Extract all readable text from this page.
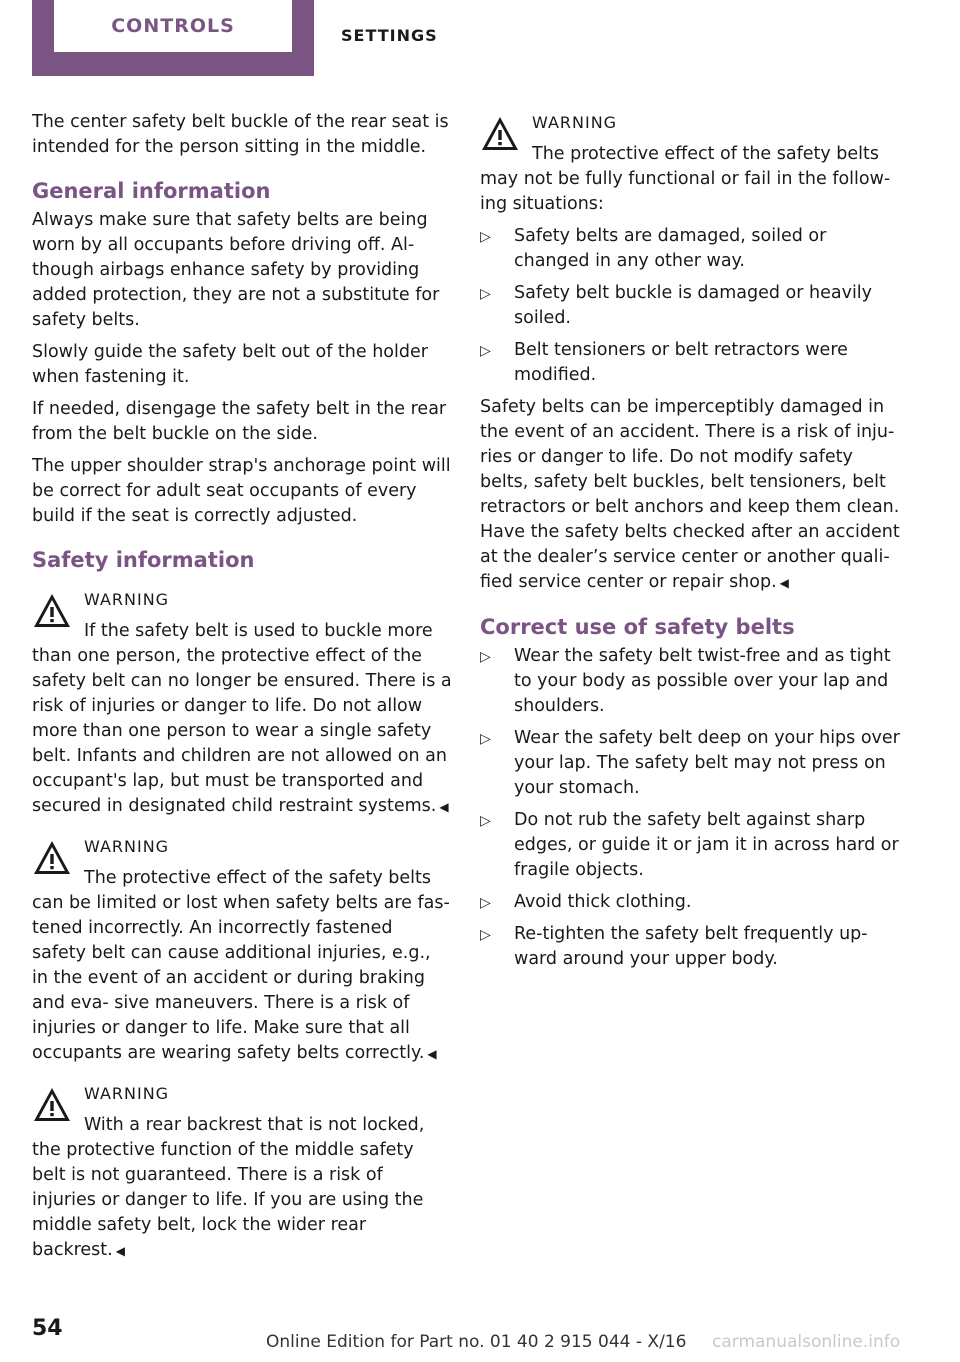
CONTROLS	SETTINGS

The center safety belt buckle of the rear seat is intended for the person sitting in the middle.

General information

Always make sure that safety belts are being worn by all occupants before driving off. Al‐ though airbags enhance safety by providing added protection, they are not a substitute for safety belts.

Slowly guide the safety belt out of the holder when fastening it.

If needed, disengage the safety belt in the rear from the belt buckle on the side.

The upper shoulder strap's anchorage point will be correct for adult seat occupants of every build if the seat is correctly adjusted.

Safety information
WARNING
If the safety belt is used to buckle more than one person, the protective effect of the safety belt can no longer be ensured. There is a risk of injuries or danger to life. Do not allow more than one person to wear a single safety belt. Infants and children are not allowed on an occupant's lap, but must be transported and secured in designated child restraint systems. ◀
WARNING
The protective effect of the safety belts can be limited or lost when safety belts are fas‐ tened incorrectly. An incorrectly fastened safety belt can cause additional injuries, e.g., in the event of an accident or during braking and eva‐ sive maneuvers. There is a risk of injuries or danger to life. Make sure that all occupants are wearing safety belts correctly. ◀
WARNING
With a rear backrest that is not locked, the protective function of the middle safety belt is not guaranteed. There is a risk of injuries or danger to life. If you are using the middle safety belt, lock the wider rear backrest. ◀
WARNING

The protective effect of the safety belts may not be fully functional or fail in the follow‐ ing situations:

▷ Safety belts are damaged, soiled or changed in any other way.
▷ Safety belt buckle is damaged or heavily soiled.
▷ Belt tensioners or belt retractors were modified.
Safety belts can be imperceptibly damaged in the event of an accident. There is a risk of inju‐ ries or danger to life. Do not modify safety belts, safety belt buckles, belt tensioners, belt retractors or belt anchors and keep them clean. Have the safety belts checked after an accident at the dealer’s service center or another quali‐ fied service center or repair shop. ◀
Correct use of safety belts
▷ Wear the safety belt twist-free and as tight to your body as possible over your lap and shoulders.
▷ Wear the safety belt deep on your hips over your lap. The safety belt may not press on your stomach.
▷ Do not rub the safety belt against sharp edges, or guide it or jam it in across hard or fragile objects.
▷ Avoid thick clothing.
▷ Re-tighten the safety belt frequently up‐ ward around your upper body.
54
Online Edition for Part no. 01 40 2 915 044 - X/16 carmanualsonline.info
